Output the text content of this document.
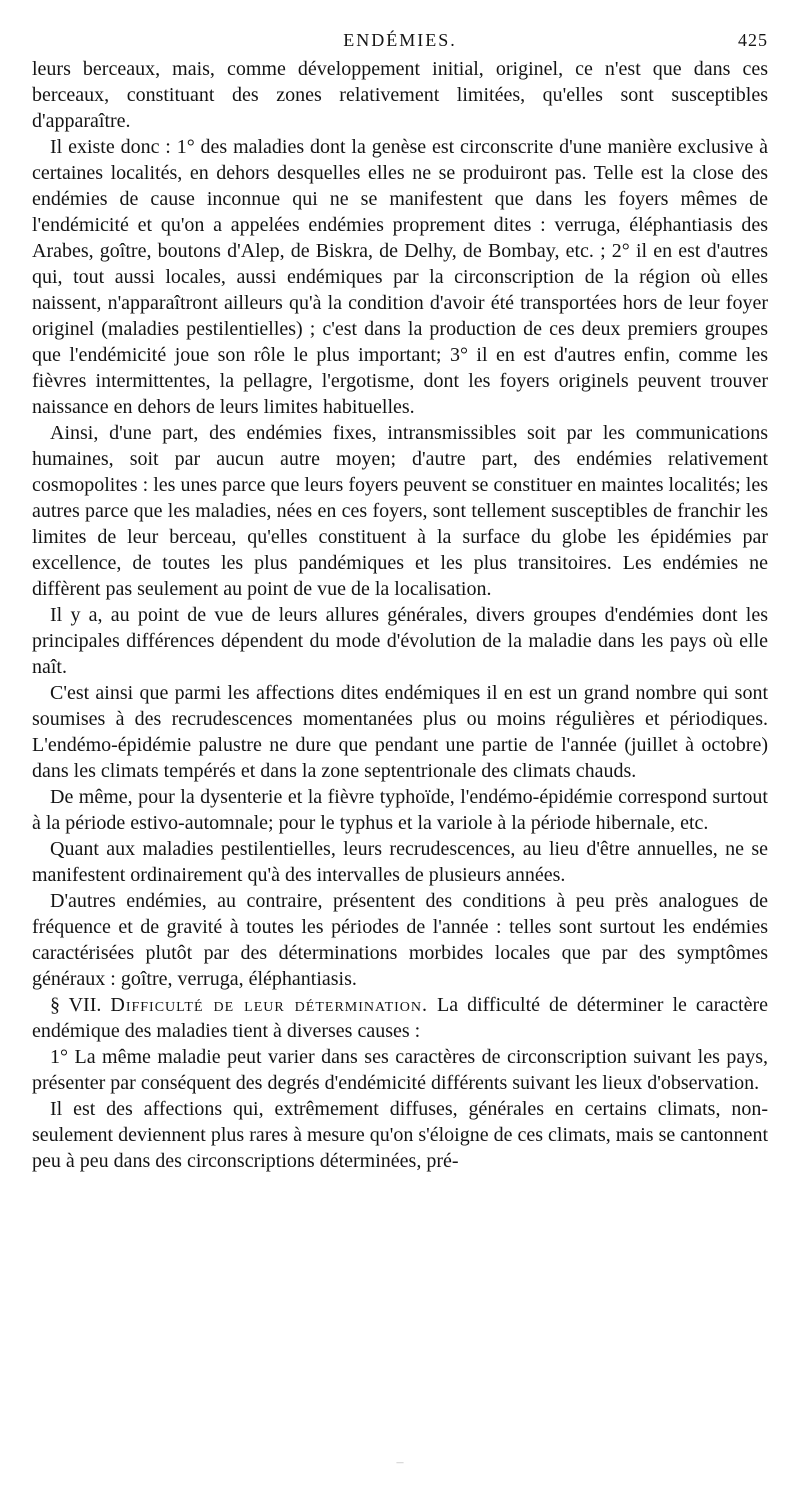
ENDÉMIES.	425

leurs berceaux, mais, comme développement initial, originel, ce n'est que dans ces berceaux, constituant des zones relativement limitées, qu'elles sont susceptibles d'apparaître.

Il existe donc : 1° des maladies dont la genèse est circonscrite d'une manière exclusive à certaines localités, en dehors desquelles elles ne se produiront pas. Telle est la close des endémies de cause inconnue qui ne se manifestent que dans les foyers mêmes de l'endémicité et qu'on a appelées endémies proprement dites : verruga, éléphantiasis des Arabes, goître, boutons d'Alep, de Biskra, de Delhy, de Bombay, etc. ; 2° il en est d'autres qui, tout aussi locales, aussi endémiques par la circonscription de la région où elles naissent, n'apparaîtront ailleurs qu'à la condition d'avoir été transportées hors de leur foyer originel (maladies pestilentielles) ; c'est dans la production de ces deux premiers groupes que l'endémicité joue son rôle le plus important; 3° il en est d'autres enfin, comme les fièvres intermittentes, la pellagre, l'ergotisme, dont les foyers originels peuvent trouver naissance en dehors de leurs limites habituelles.

Ainsi, d'une part, des endémies fixes, intransmissibles soit par les communications humaines, soit par aucun autre moyen; d'autre part, des endémies relativement cosmopolites : les unes parce que leurs foyers peuvent se constituer en maintes localités; les autres parce que les maladies, nées en ces foyers, sont tellement susceptibles de franchir les limites de leur berceau, qu'elles constituent à la surface du globe les épidémies par excellence, de toutes les plus pandémiques et les plus transitoires. Les endémies ne diffèrent pas seulement au point de vue de la localisation.

Il y a, au point de vue de leurs allures générales, divers groupes d'endémies dont les principales différences dépendent du mode d'évolution de la maladie dans les pays où elle naît.

C'est ainsi que parmi les affections dites endémiques il en est un grand nombre qui sont soumises à des recrudescences momentanées plus ou moins régulières et périodiques. L'endémo-épidémie palustre ne dure que pendant une partie de l'année (juillet à octobre) dans les climats tempérés et dans la zone septentrionale des climats chauds.

De même, pour la dysenterie et la fièvre typhoïde, l'endémo-épidémie correspond surtout à la période estivo-automnale; pour le typhus et la variole à la période hibernale, etc.

Quant aux maladies pestilentielles, leurs recrudescences, au lieu d'être annuelles, ne se manifestent ordinairement qu'à des intervalles de plusieurs années.

D'autres endémies, au contraire, présentent des conditions à peu près analogues de fréquence et de gravité à toutes les périodes de l'année : telles sont surtout les endémies caractérisées plutôt par des déterminations morbides locales que par des symptômes généraux : goître, verruga, éléphantiasis.

§ VII. Difficulté de leur détermination. La difficulté de déterminer le caractère endémique des maladies tient à diverses causes :

1° La même maladie peut varier dans ses caractères de circonscription suivant les pays, présenter par conséquent des degrés d'endémicité différents suivant les lieux d'observation.

Il est des affections qui, extrêmement diffuses, générales en certains climats, non-seulement deviennent plus rares à mesure qu'on s'éloigne de ces climats, mais se cantonnent peu à peu dans des circonscriptions déterminées, pré-

–
